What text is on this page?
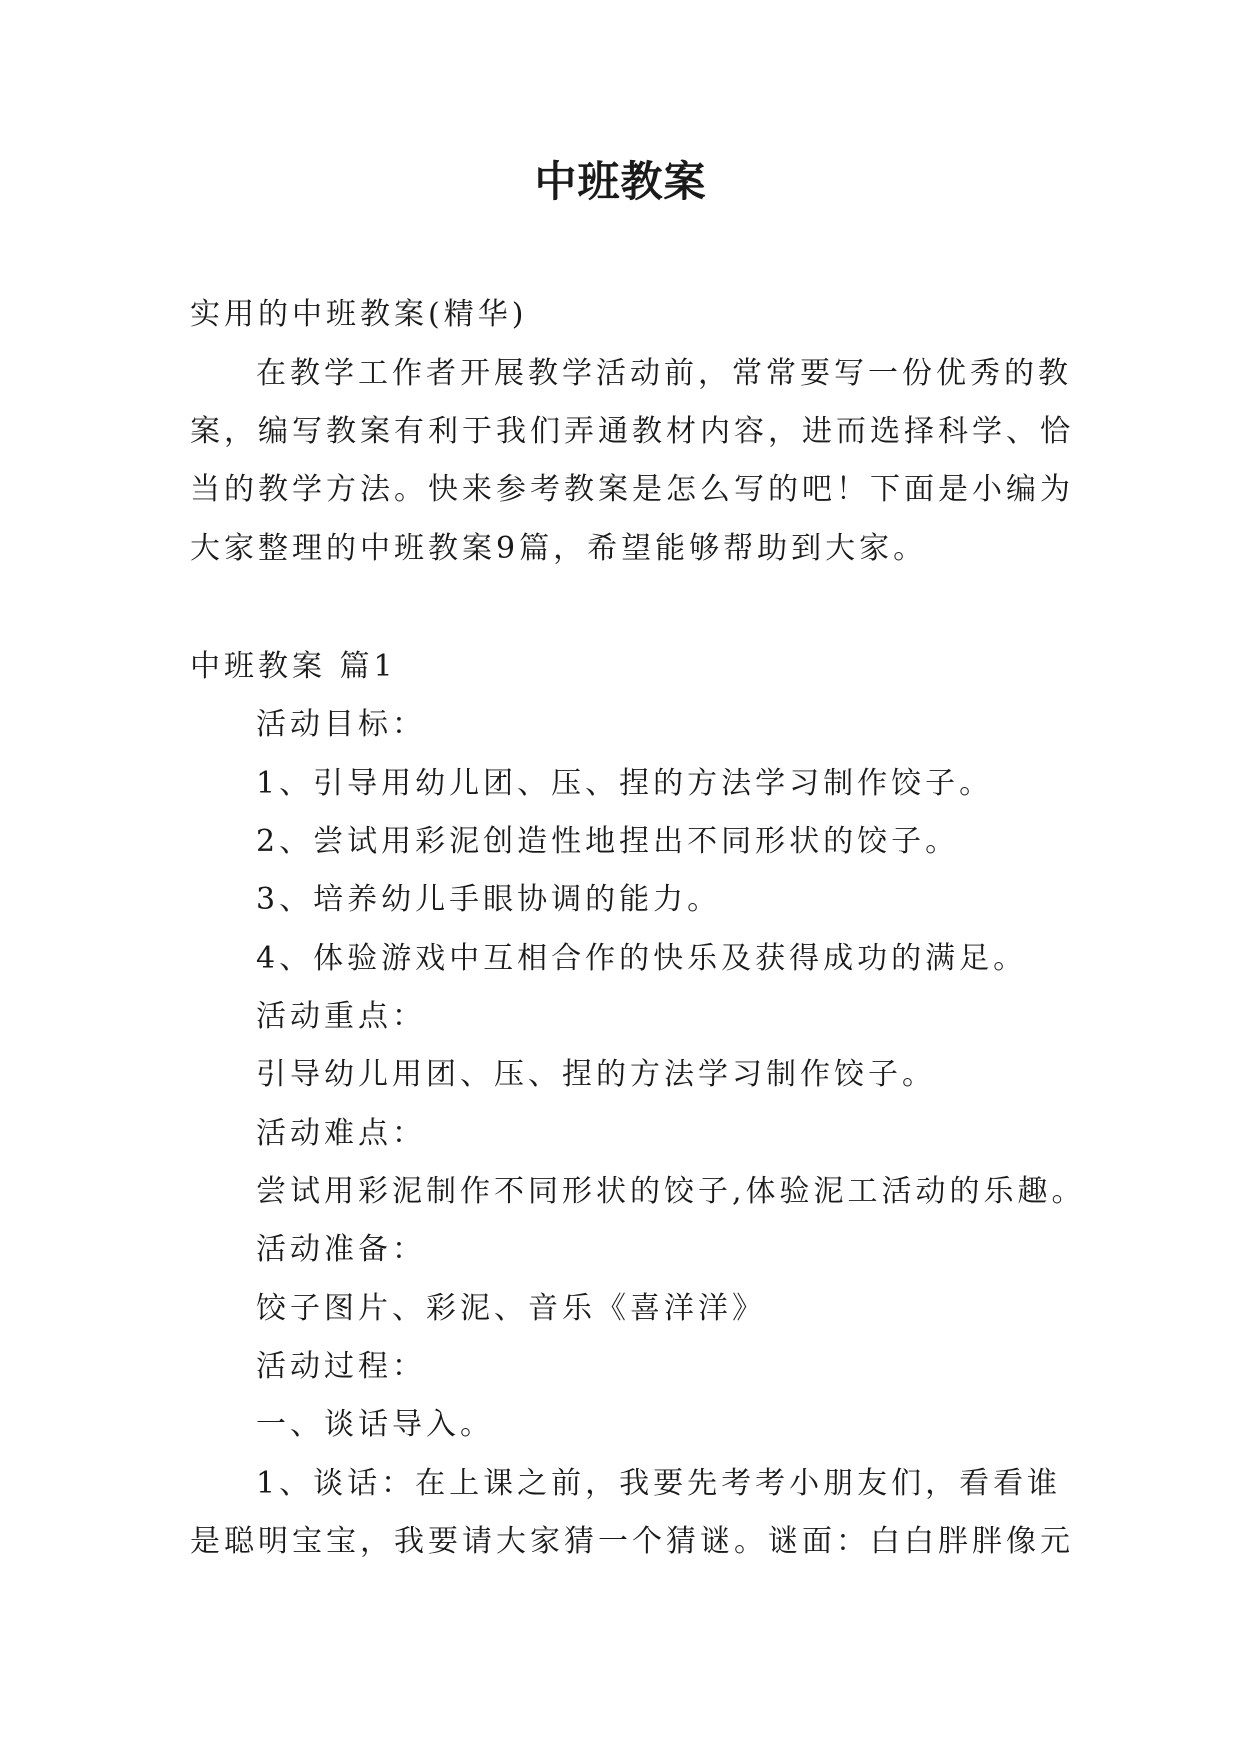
中班教案
实用的中班教案(精华)
在教学工作者开展教学活动前，常常要写一份优秀的教
案，编写教案有利于我们弄通教材内容，进而选择科学、恰
当的教学方法。快来参考教案是怎么写的吧！下面是小编为
大家整理的中班教案9篇，希望能够帮助到大家。
中班教案 篇1
活动目标：
1、引导用幼儿团、压、捏的方法学习制作饺子。
2、尝试用彩泥创造性地捏出不同形状的饺子。
3、培养幼儿手眼协调的能力。
4、体验游戏中互相合作的快乐及获得成功的满足。
活动重点：
引导幼儿用团、压、捏的方法学习制作饺子。
活动难点：
尝试用彩泥制作不同形状的饺子,体验泥工活动的乐趣。
活动准备：
饺子图片、彩泥、音乐《喜洋洋》
活动过程：
一、谈话导入。
1、谈话：在上课之前，我要先考考小朋友们，看看谁
是聪明宝宝，我要请大家猜一个猜谜。谜面：白白胖胖像元
